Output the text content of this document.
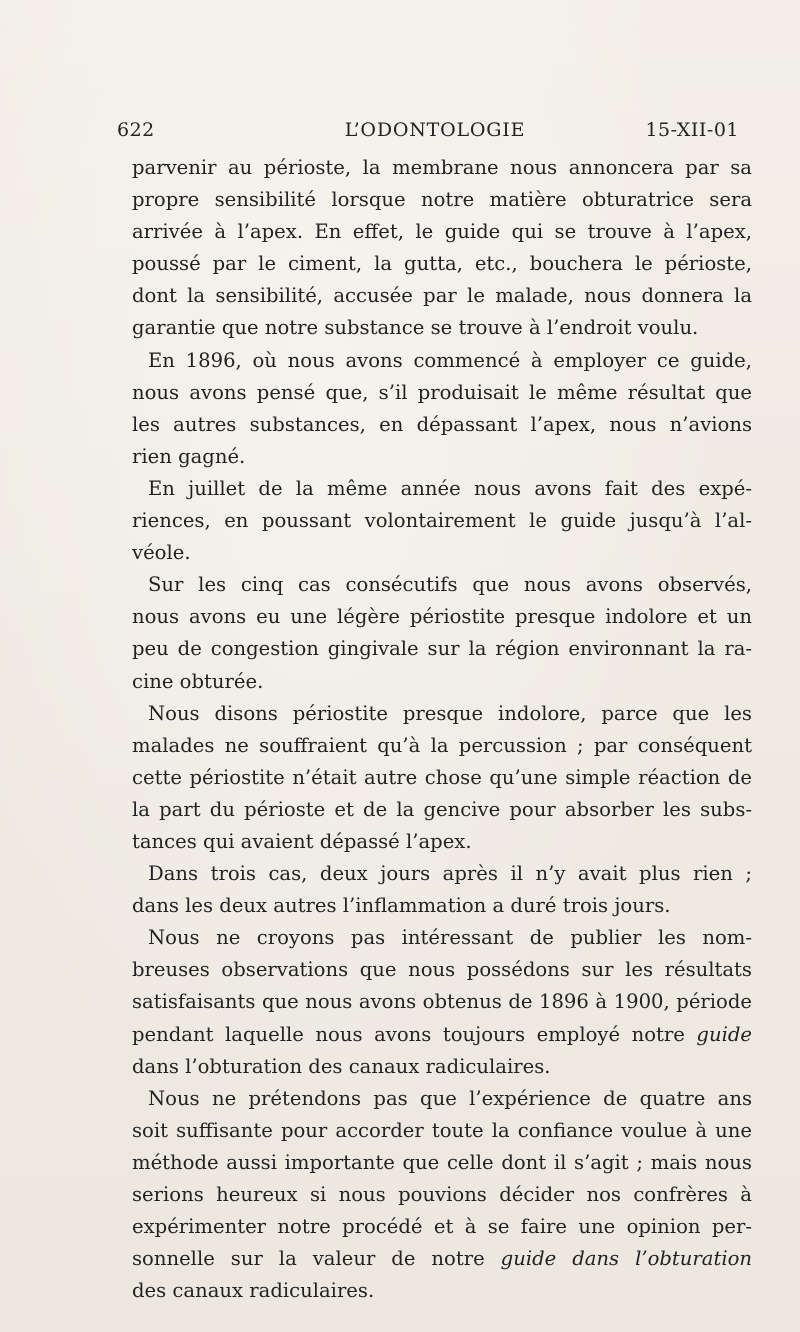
622	L’ODONTOLOGIE	15-XII-01
parvenir au périoste, la membrane nous annoncera par sa
propre sensibilité lorsque notre matière obturatrice sera
arrivée à l’apex. En effet, le guide qui se trouve à l’apex,
poussé par le ciment, la gutta, etc., bouchera le périoste,
dont la sensibilité, accusée par le malade, nous donnera la
garantie que notre substance se trouve à l’endroit voulu.
En 1896, où nous avons commencé à employer ce guide,
nous avons pensé que, s’il produisait le même résultat que
les autres substances, en dépassant l’apex, nous n’avions
rien gagné.
En juillet de la même année nous avons fait des expé-
riences, en poussant volontairement le guide jusqu’à l’al-
véole.
Sur les cinq cas consécutifs que nous avons observés,
nous avons eu une légère périostite presque indolore et un
peu de congestion gingivale sur la région environnant la ra-
cine obturée.
Nous disons périostite presque indolore, parce que les
malades ne souffraient qu’à la percussion ; par conséquent
cette périostite n’était autre chose qu’une simple réaction de
la part du périoste et de la gencive pour absorber les subs-
tances qui avaient dépassé l’apex.
Dans trois cas, deux jours après il n’y avait plus rien ;
dans les deux autres l’inflammation a duré trois jours.
Nous ne croyons pas intéressant de publier les nom-
breuses observations que nous possédons sur les résultats
satisfaisants que nous avons obtenus de 1896 à 1900, période
pendant laquelle nous avons toujours employé notre guide
dans l’obturation des canaux radiculaires.
Nous ne prétendons pas que l’expérience de quatre ans
soit suffisante pour accorder toute la confiance voulue à une
méthode aussi importante que celle dont il s’agit ; mais nous
serions heureux si nous pouvions décider nos confrères à
expérimenter notre procédé et à se faire une opinion per-
sonnelle sur la valeur de notre guide dans l’obturation
des canaux radiculaires.
